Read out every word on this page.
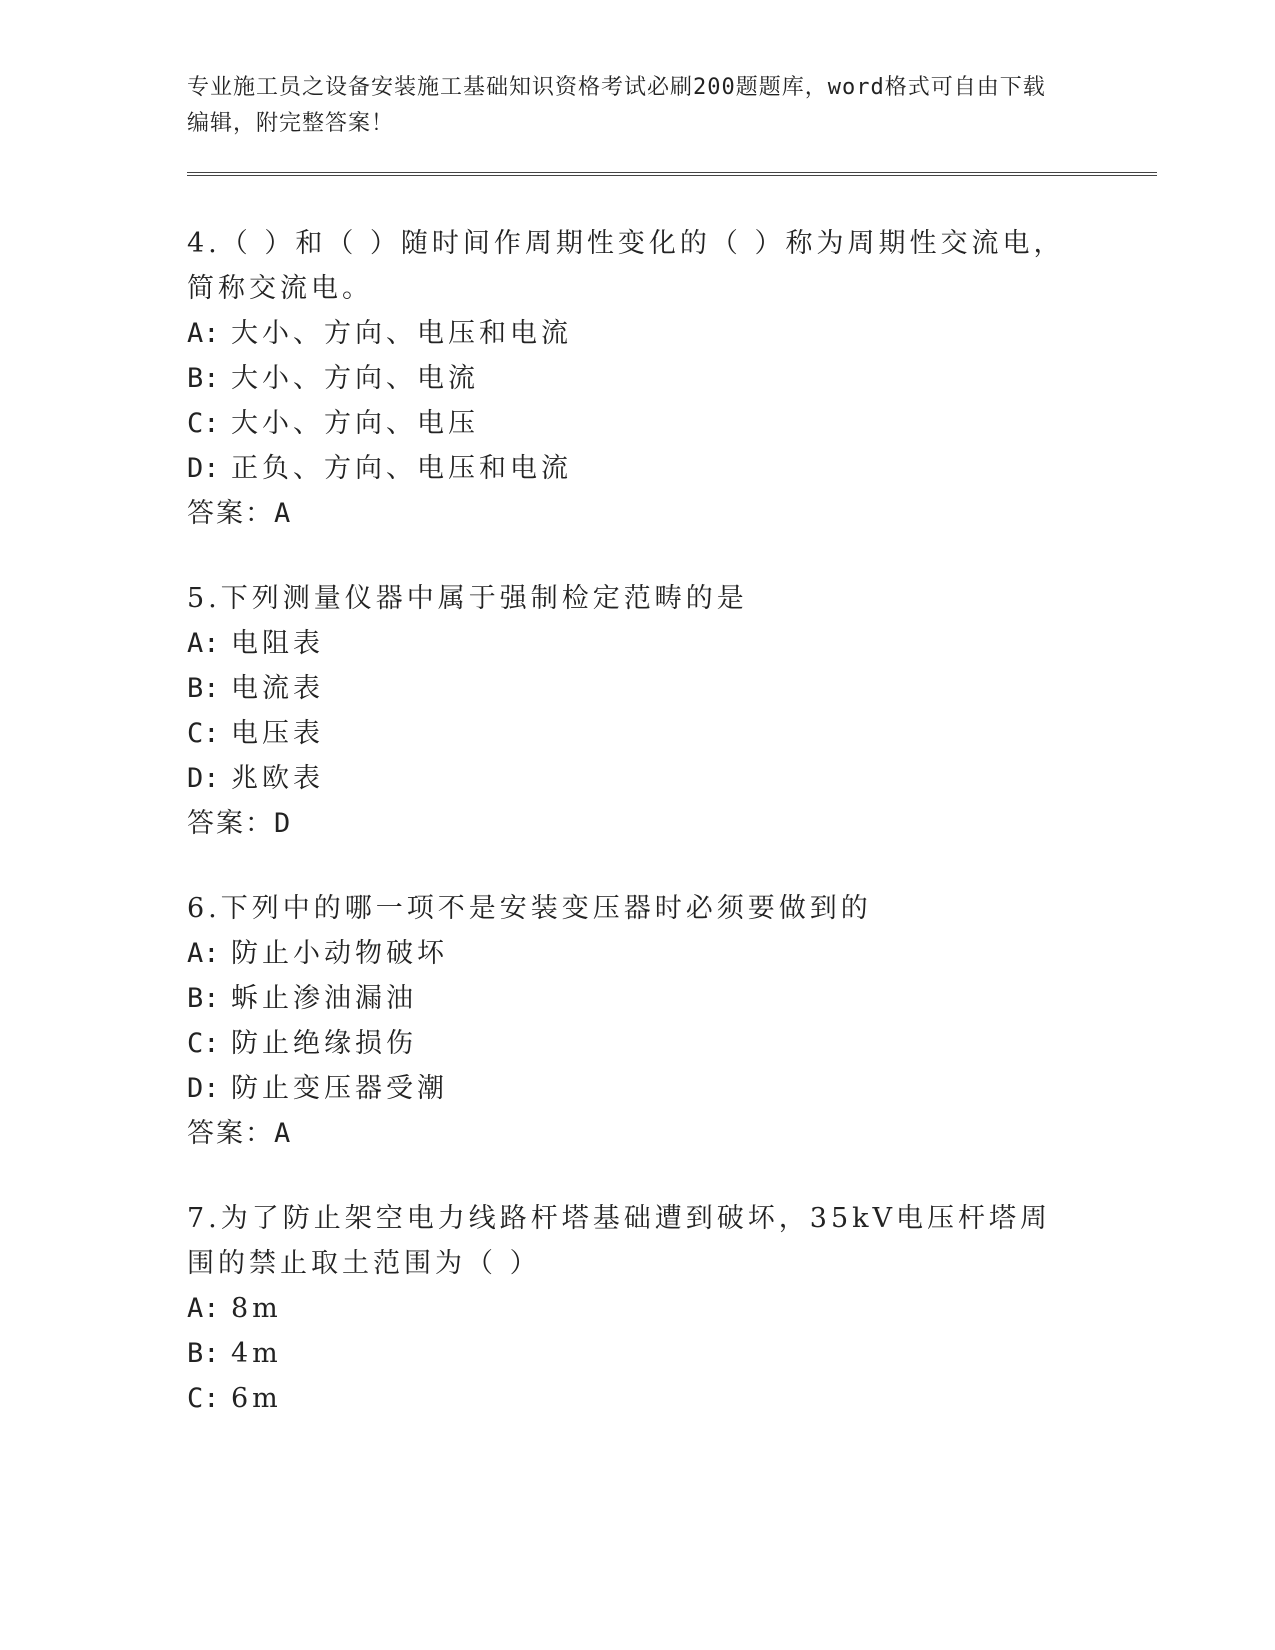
专业施工员之设备安装施工基础知识资格考试必刷200题题库，word格式可自由下载编辑，附完整答案！

4.（ ）和（ ）随时间作周期性变化的（ ）称为周期性交流电，简称交流电。

A: 大小、方向、电压和电流

B: 大小、方向、电流

C: 大小、方向、电压

D: 正负、方向、电压和电流

答案：A

5.下列测量仪器中属于强制检定范畴的是

A: 电阻表

B: 电流表

C: 电压表

D: 兆欧表

答案：D

6.下列中的哪一项不是安装变压器时必须要做到的

A: 防止小动物破坏

B: 蚸止渗油漏油

C: 防止绝缘损伤

D: 防止变压器受潮

答案：A

7.为了防止架空电力线路杆塔基础遭到破坏，35kV电压杆塔周围的禁止取土范围为（ ）

A: 8m

B: 4m

C: 6m
